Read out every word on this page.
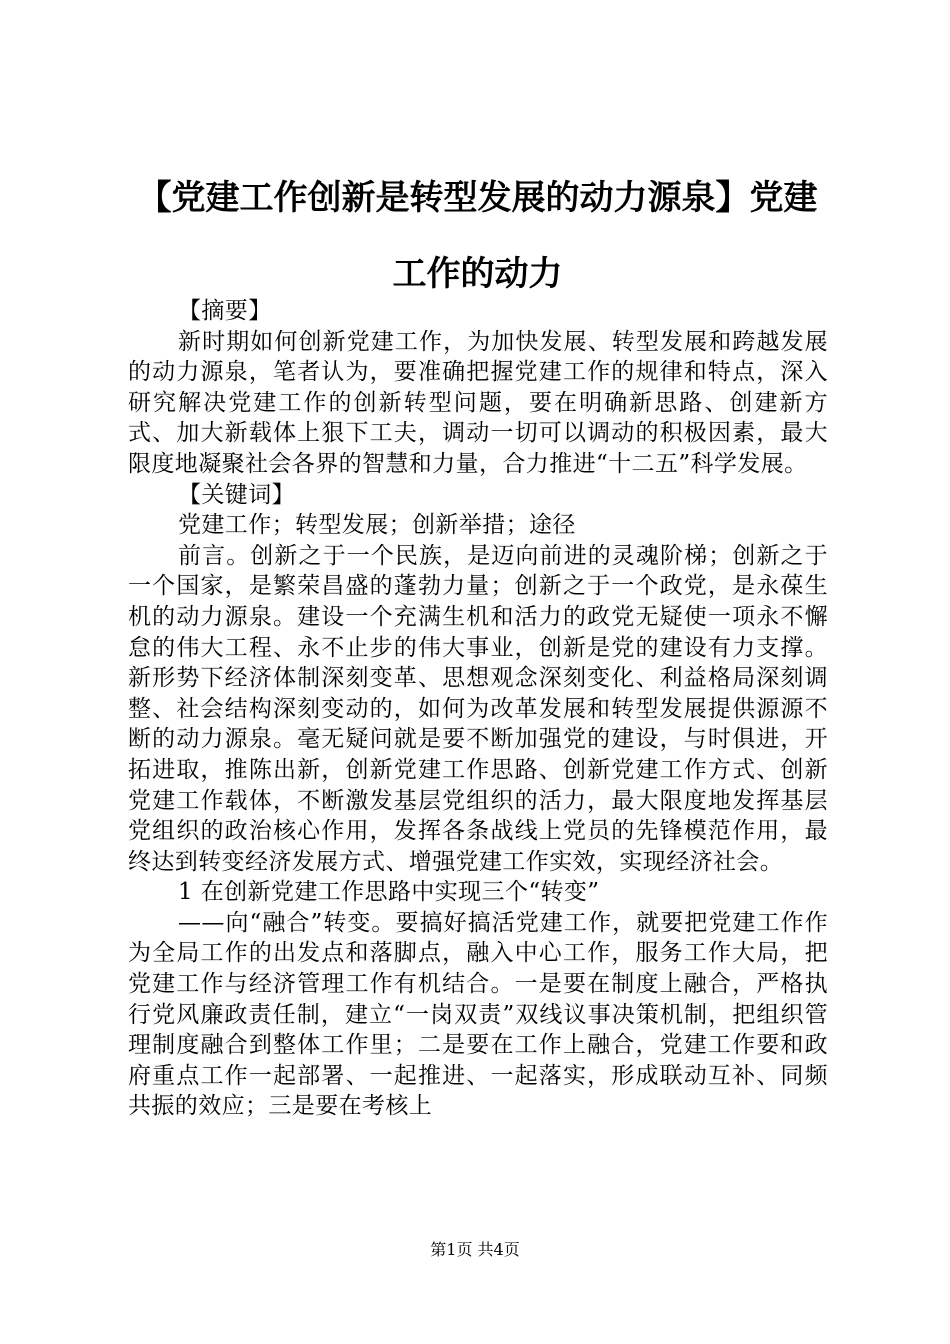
【党建工作创新是转型发展的动力源泉】党建
工作的动力

【摘要】

新时期如何创新党建工作，为加快发展、转型发展和跨越发展的动力源泉，笔者认为，要准确把握党建工作的规律和特点，深入研究解决党建工作的创新转型问题，要在明确新思路、创建新方式、加大新载体上狠下工夫，调动一切可以调动的积极因素，最大限度地凝聚社会各界的智慧和力量，合力推进“十二五”科学发展。

【关键词】

党建工作；转型发展；创新举措；途径

前言。创新之于一个民族，是迈向前进的灵魂阶梯；创新之于一个国家，是繁荣昌盛的蓬勃力量；创新之于一个政党，是永葆生机的动力源泉。建设一个充满生机和活力的政党无疑使一项永不懈怠的伟大工程、永不止步的伟大事业，创新是党的建设有力支撑。新形势下经济体制深刻变革、思想观念深刻变化、利益格局深刻调整、社会结构深刻变动的，如何为改革发展和转型发展提供源源不断的动力源泉。毫无疑问就是要不断加强党的建设，与时俱进，开拓进取，推陈出新，创新党建工作思路、创新党建工作方式、创新党建工作载体，不断激发基层党组织的活力，最大限度地发挥基层党组织的政治核心作用，发挥各条战线上党员的先锋模范作用，最终达到转变经济发展方式、增强党建工作实效，实现经济社会。

1 在创新党建工作思路中实现三个“转变”

——向“融合”转变。要搞好搞活党建工作，就要把党建工作作为全局工作的出发点和落脚点，融入中心工作，服务工作大局，把党建工作与经济管理工作有机结合。一是要在制度上融合，严格执行党风廉政责任制，建立“一岗双责”双线议事决策机制，把组织管理制度融合到整体工作里；二是要在工作上融合，党建工作要和政府重点工作一起部署、一起推进、一起落实，形成联动互补、同频共振的效应；三是要在考核上

第1页 共4页
